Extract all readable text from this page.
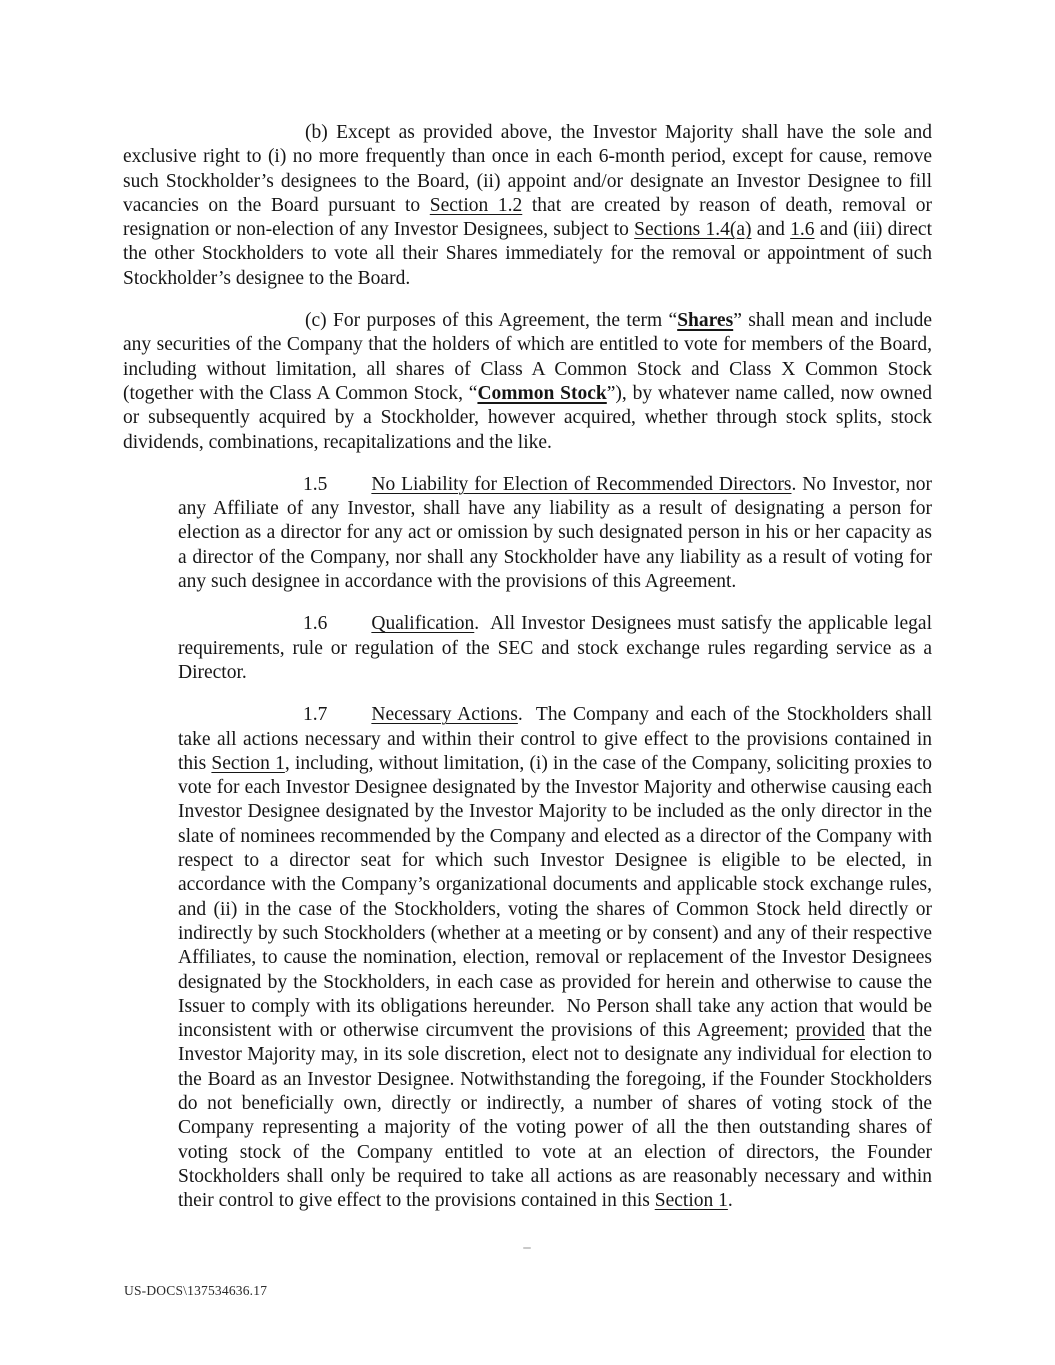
(b) Except as provided above, the Investor Majority shall have the sole and exclusive right to (i) no more frequently than once in each 6-month period, except for cause, remove such Stockholder’s designees to the Board, (ii) appoint and/or designate an Investor Designee to fill vacancies on the Board pursuant to Section 1.2 that are created by reason of death, removal or resignation or non-election of any Investor Designees, subject to Sections 1.4(a) and 1.6 and (iii) direct the other Stockholders to vote all their Shares immediately for the removal or appointment of such Stockholder’s designee to the Board.

(c) For purposes of this Agreement, the term “Shares” shall mean and include any securities of the Company that the holders of which are entitled to vote for members of the Board, including without limitation, all shares of Class A Common Stock and Class X Common Stock (together with the Class A Common Stock, “Common Stock”), by whatever name called, now owned or subsequently acquired by a Stockholder, however acquired, whether through stock splits, stock dividends, combinations, recapitalizations and the like.

1.5 No Liability for Election of Recommended Directors. No Investor, nor any Affiliate of any Investor, shall have any liability as a result of designating a person for election as a director for any act or omission by such designated person in his or her capacity as a director of the Company, nor shall any Stockholder have any liability as a result of voting for any such designee in accordance with the provisions of this Agreement.

1.6 Qualification.  All Investor Designees must satisfy the applicable legal requirements, rule or regulation of the SEC and stock exchange rules regarding service as a Director.

1.7 Necessary Actions.  The Company and each of the Stockholders shall take all actions necessary and within their control to give effect to the provisions contained in this Section 1, including, without limitation, (i) in the case of the Company, soliciting proxies to vote for each Investor Designee designated by the Investor Majority and otherwise causing each Investor Designee designated by the Investor Majority to be included as the only director in the slate of nominees recommended by the Company and elected as a director of the Company with respect to a director seat for which such Investor Designee is eligible to be elected, in accordance with the Company’s organizational documents and applicable stock exchange rules, and (ii) in the case of the Stockholders, voting the shares of Common Stock held directly or indirectly by such Stockholders (whether at a meeting or by consent) and any of their respective Affiliates, to cause the nomination, election, removal or replacement of the Investor Designees designated by the Stockholders, in each case as provided for herein and otherwise to cause the Issuer to comply with its obligations hereunder.  No Person shall take any action that would be inconsistent with or otherwise circumvent the provisions of this Agreement; provided that the Investor Majority may, in its sole discretion, elect not to designate any individual for election to the Board as an Investor Designee. Notwithstanding the foregoing, if the Founder Stockholders do not beneficially own, directly or indirectly, a number of shares of voting stock of the Company representing a majority of the voting power of all the then outstanding shares of voting stock of the Company entitled to vote at an election of directors, the Founder Stockholders shall only be required to take all actions as are reasonably necessary and within their control to give effect to the provisions contained in this Section 1.

US-DOCS\137534636.17
